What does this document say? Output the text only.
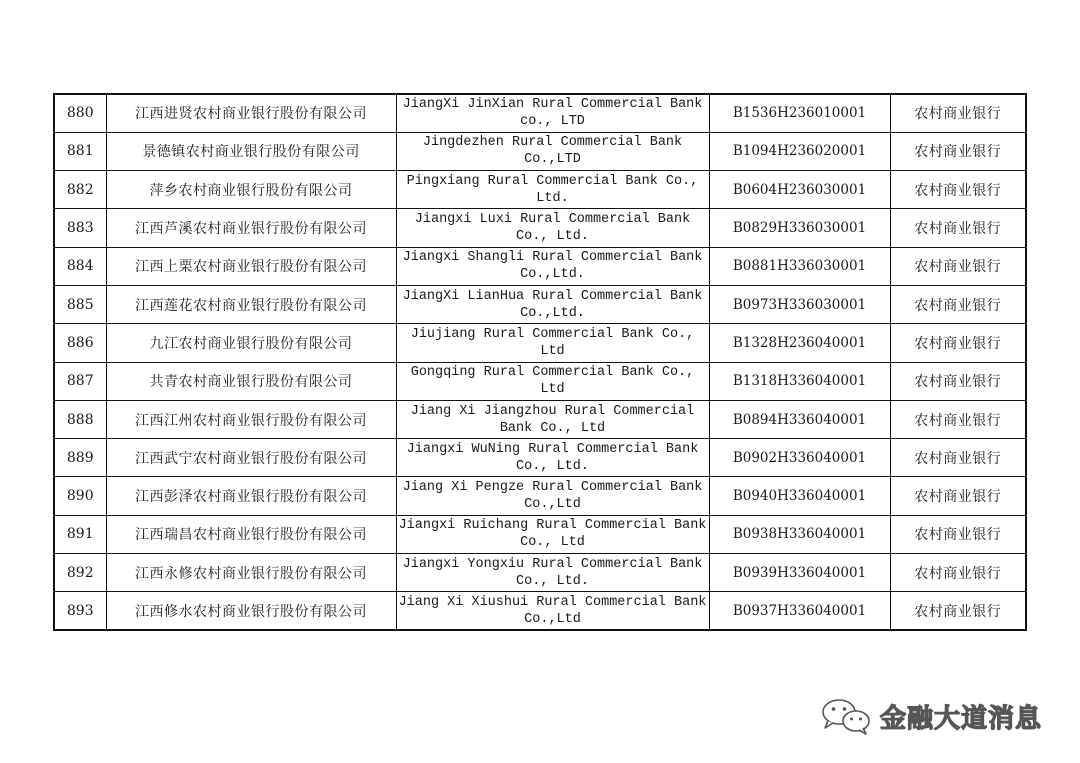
880	江西进贤农村商业银行股份有限公司	JiangXi JinXian Rural Commercial Bank co., LTD	B1536H236010001	农村商业银行
881	景德镇农村商业银行股份有限公司	Jingdezhen Rural Commercial Bank Co.,LTD	B1094H236020001	农村商业银行
882	萍乡农村商业银行股份有限公司	Pingxiang Rural Commercial Bank Co., Ltd.	B0604H236030001	农村商业银行
883	江西芦溪农村商业银行股份有限公司	Jiangxi Luxi Rural Commercial Bank Co., Ltd.	B0829H336030001	农村商业银行
884	江西上栗农村商业银行股份有限公司	Jiangxi Shangli Rural Commercial Bank Co.,Ltd.	B0881H336030001	农村商业银行
885	江西莲花农村商业银行股份有限公司	JiangXi LianHua Rural Commercial Bank Co.,Ltd.	B0973H336030001	农村商业银行
886	九江农村商业银行股份有限公司	Jiujiang Rural Commercial Bank Co., Ltd	B1328H236040001	农村商业银行
887	共青农村商业银行股份有限公司	Gongqing Rural Commercial Bank Co., Ltd	B1318H336040001	农村商业银行
888	江西江州农村商业银行股份有限公司	Jiang Xi Jiangzhou Rural Commercial Bank Co., Ltd	B0894H336040001	农村商业银行
889	江西武宁农村商业银行股份有限公司	Jiangxi WuNing Rural Commercial Bank Co., Ltd.	B0902H336040001	农村商业银行
890	江西彭泽农村商业银行股份有限公司	Jiang Xi Pengze Rural Commercial Bank Co.,Ltd	B0940H336040001	农村商业银行
891	江西瑞昌农村商业银行股份有限公司	Jiangxi Ruichang Rural Commercial Bank Co., Ltd	B0938H336040001	农村商业银行
892	江西永修农村商业银行股份有限公司	Jiangxi Yongxiu Rural Commercial Bank Co., Ltd.	B0939H336040001	农村商业银行
893	江西修水农村商业银行股份有限公司	Jiang Xi Xiushui Rural Commercial Bank Co.,Ltd	B0937H336040001	农村商业银行
金融大道消息
